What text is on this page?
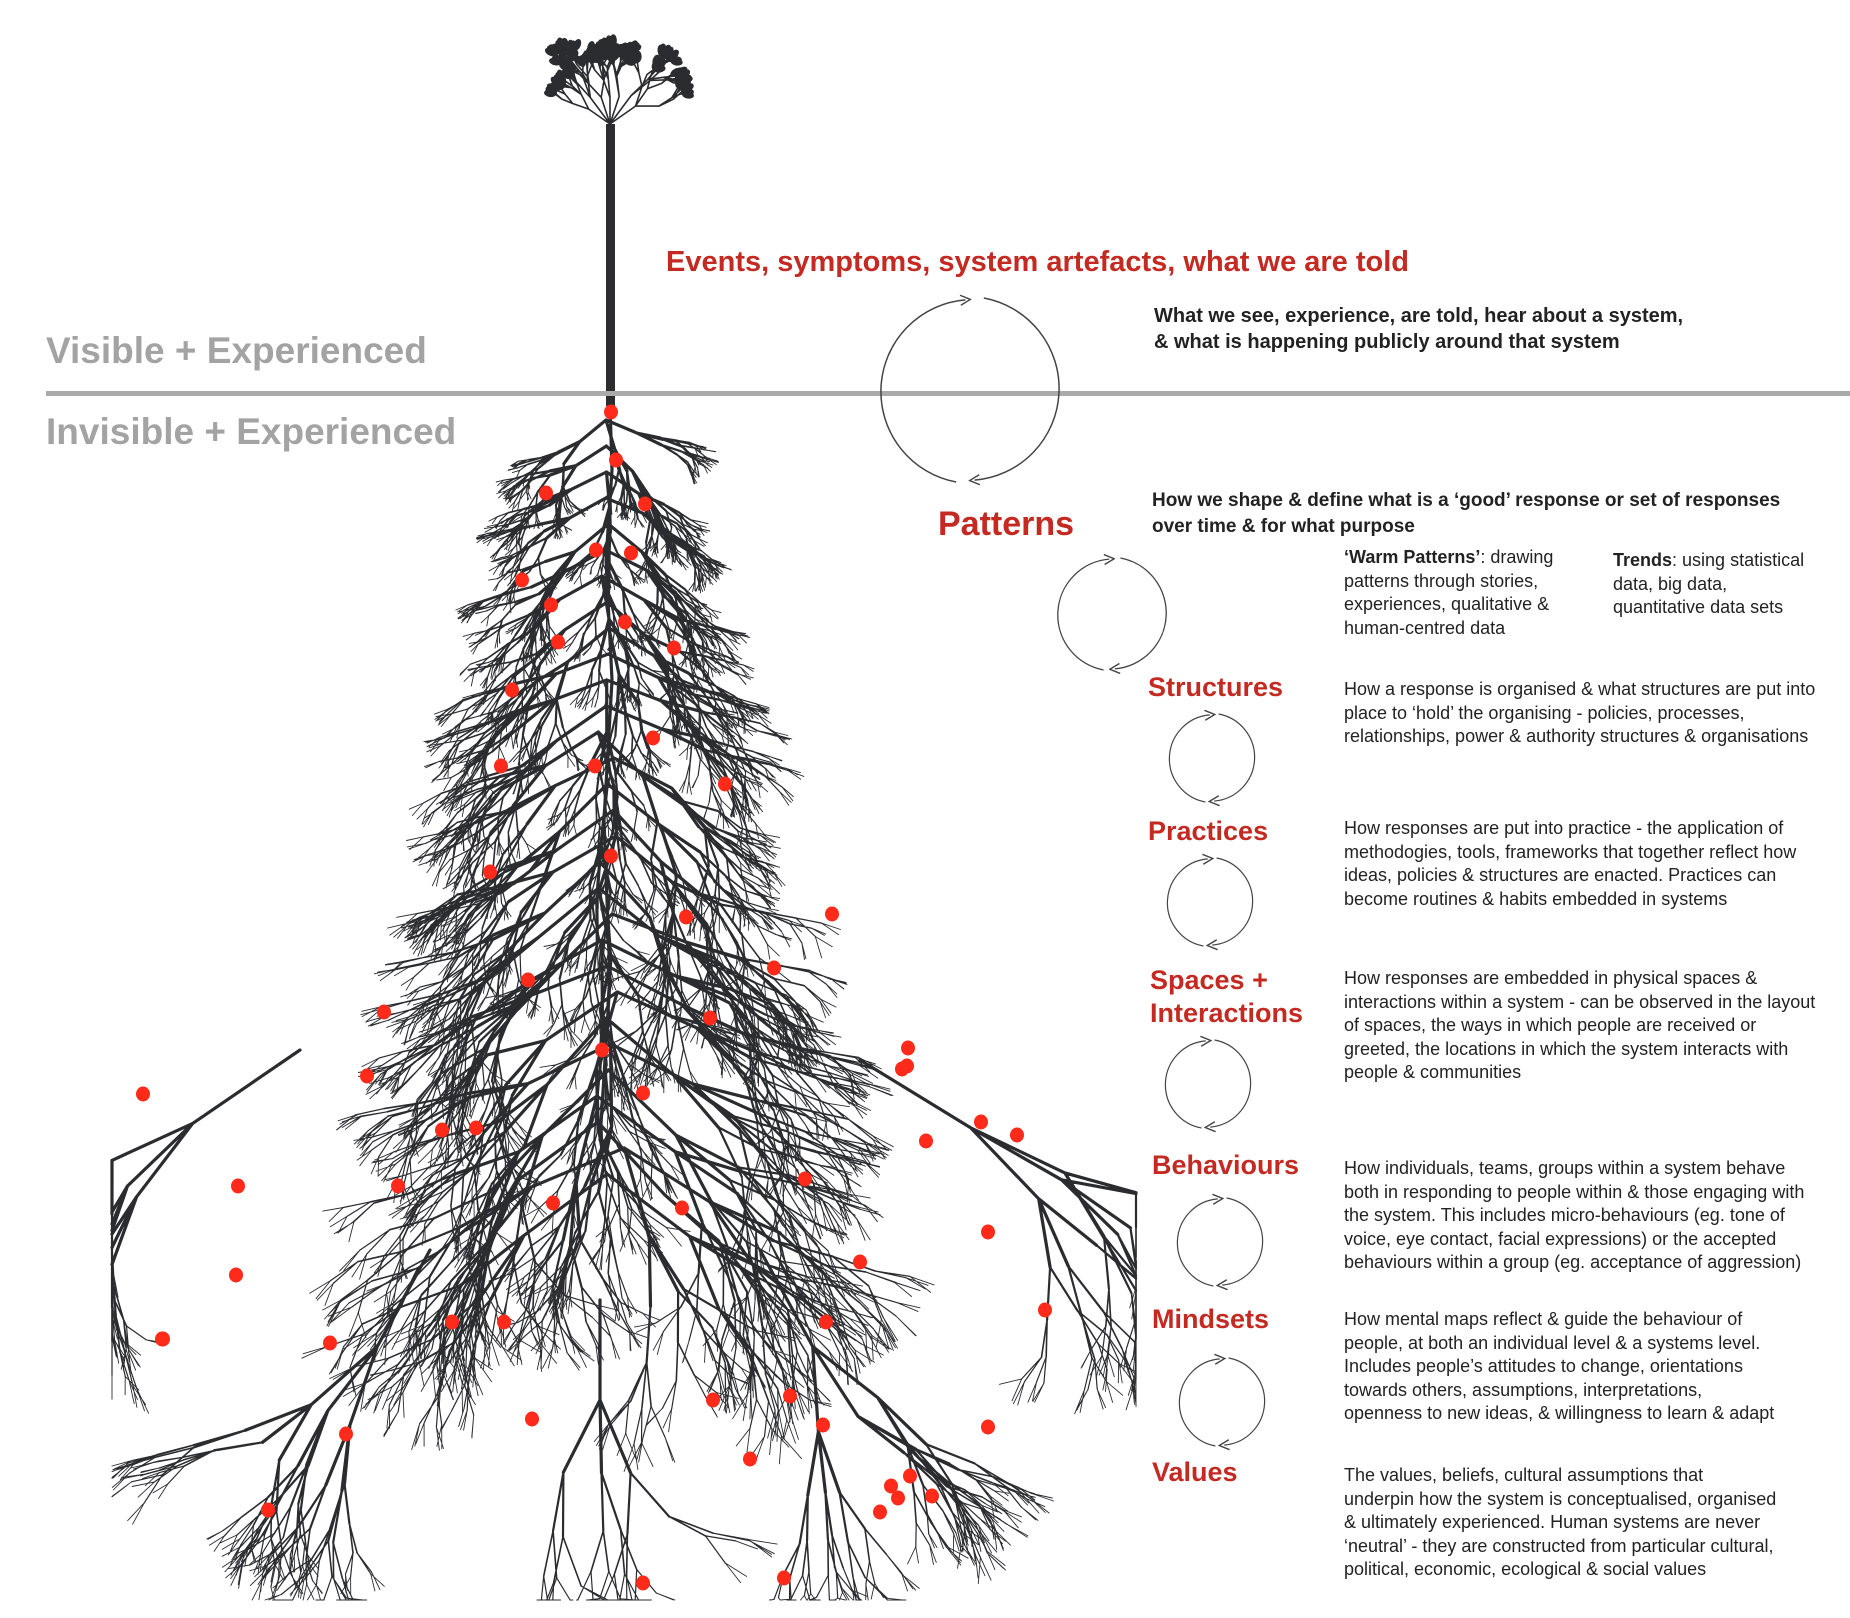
Visible + Experienced
Invisible + Experienced
Events, symptoms, system artefacts, what we are told

What we see, experience, are told, hear about a system,
& what is happening publicly around that system

Patterns

How we shape & define what is a ‘good’ response or set of responses
over time & for what purpose

‘Warm Patterns’: drawing
patterns through stories,
experiences, qualitative &
human-centred data

Trends: using statistical
data, big data,
quantitative data sets

Structures	How a response is organised & what structures are put into
place to ‘hold’ the organising - policies, processes,
relationships, power & authority structures & organisations

Practices	How responses are put into practice - the application of
methodogies, tools, frameworks that together reflect how
ideas, policies & structures are enacted. Practices can
become routines & habits embedded in systems

Spaces +
Interactions

How responses are embedded in physical spaces &
interactions within a system - can be observed in the layout
of spaces, the ways in which people are received or
greeted, the locations in which the system interacts with
people & communities

Behaviours How individuals, teams, groups within a system behave
both in responding to people within & those engaging with
the system. This includes micro-behaviours (eg. tone of
voice, eye contact, facial expressions) or the accepted
behaviours within a group (eg. acceptance of aggression)

Mindsets	How mental maps reflect & guide the behaviour of
people, at both an individual level & a systems level.
Includes people’s attitudes to change, orientations
towards others, assumptions, interpretations,
openness to new ideas, & willingness to learn & adapt

Values	The values, beliefs, cultural assumptions that
underpin how the system is conceptualised, organised
& ultimately experienced. Human systems are never
‘neutral’ - they are constructed from particular cultural,
political, economic, ecological & social values
